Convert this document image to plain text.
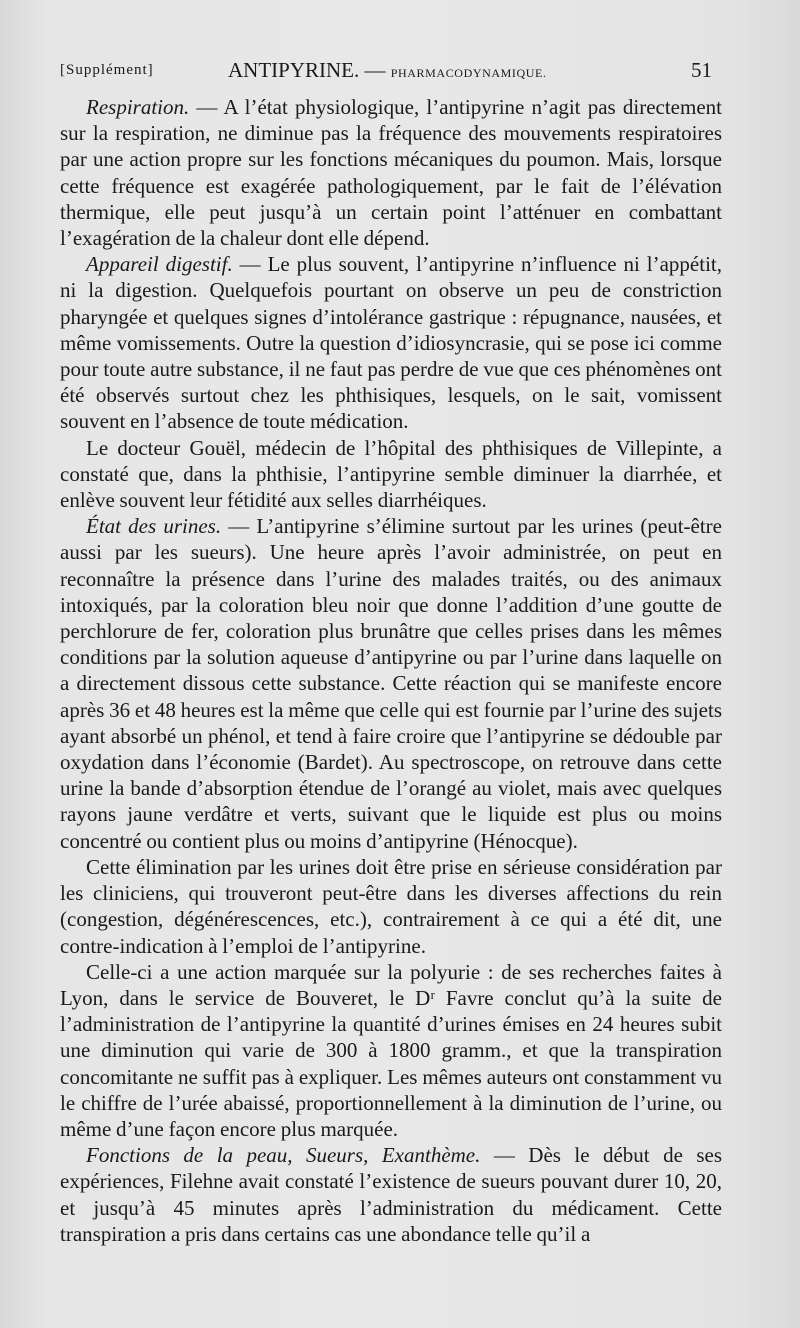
[Supplément]	ANTIPYRINE. — PHARMACODYNAMIQUE.	51

Respiration. — A l’état physiologique, l’antipyrine n’agit pas directement sur la respiration, ne diminue pas la fréquence des mouvements respiratoires par une action propre sur les fonctions mécaniques du poumon. Mais, lorsque cette fréquence est exagérée pathologiquement, par le fait de l’élévation thermique, elle peut jusqu’à un certain point l’atténuer en combattant l’exagération de la chaleur dont elle dépend.

Appareil digestif. — Le plus souvent, l’antipyrine n’influence ni l’appétit, ni la digestion. Quelquefois pourtant on observe un peu de constriction pharyngée et quelques signes d’intolérance gastrique : répugnance, nausées, et même vomissements. Outre la question d’idiosyncrasie, qui se pose ici comme pour toute autre substance, il ne faut pas perdre de vue que ces phénomènes ont été observés surtout chez les phthisiques, lesquels, on le sait, vomissent souvent en l’absence de toute médication.

Le docteur Gouël, médecin de l’hôpital des phthisiques de Villepinte, a constaté que, dans la phthisie, l’antipyrine semble diminuer la diarrhée, et enlève souvent leur fétidité aux selles diarrhéiques.

État des urines. — L’antipyrine s’élimine surtout par les urines (peut-être aussi par les sueurs). Une heure après l’avoir administrée, on peut en reconnaître la présence dans l’urine des malades traités, ou des animaux intoxiqués, par la coloration bleu noir que donne l’addition d’une goutte de perchlorure de fer, coloration plus brunâtre que celles prises dans les mêmes conditions par la solution aqueuse d’antipyrine ou par l’urine dans laquelle on a directement dissous cette substance. Cette réaction qui se manifeste encore après 36 et 48 heures est la même que celle qui est fournie par l’urine des sujets ayant absorbé un phénol, et tend à faire croire que l’antipyrine se dédouble par oxydation dans l’économie (Bardet). Au spectroscope, on retrouve dans cette urine la bande d’absorption étendue de l’orangé au violet, mais avec quelques rayons jaune verdâtre et verts, suivant que le liquide est plus ou moins concentré ou contient plus ou moins d’antipyrine (Hénocque).

Cette élimination par les urines doit être prise en sérieuse considération par les cliniciens, qui trouveront peut-être dans les diverses affections du rein (congestion, dégénérescences, etc.), contrairement à ce qui a été dit, une contre-indication à l’emploi de l’antipyrine.

Celle-ci a une action marquée sur la polyurie : de ses recherches faites à Lyon, dans le service de Bouveret, le Dʳ Favre conclut qu’à la suite de l’administration de l’antipyrine la quantité d’urines émises en 24 heures subit une diminution qui varie de 300 à 1800 gramm., et que la transpiration concomitante ne suffit pas à expliquer. Les mêmes auteurs ont constamment vu le chiffre de l’urée abaissé, proportionnellement à la diminution de l’urine, ou même d’une façon encore plus marquée.

Fonctions de la peau, Sueurs, Exanthème. — Dès le début de ses expériences, Filehne avait constaté l’existence de sueurs pouvant durer 10, 20, et jusqu’à 45 minutes après l’administration du médicament. Cette transpiration a pris dans certains cas une abondance telle qu’il a
